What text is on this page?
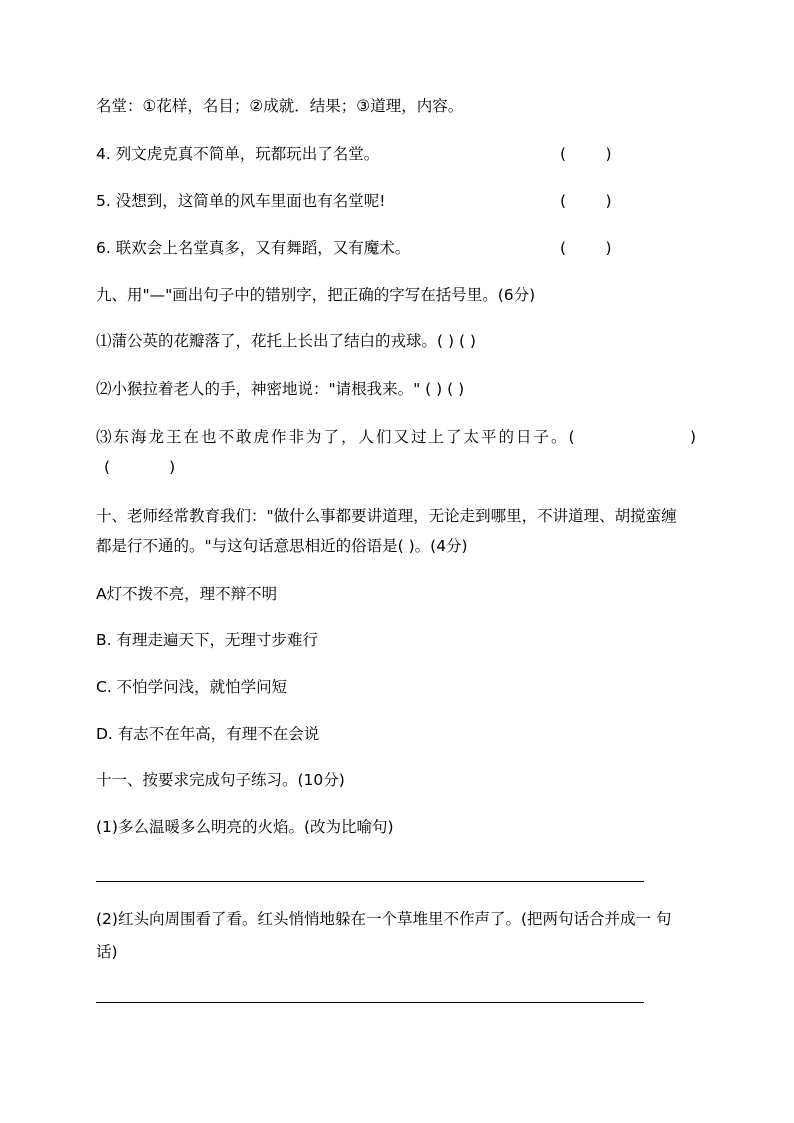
名堂：①花样，名目；②成就．结果；③道理，内容。
4. 列文虎克真不简单，玩都玩出了名堂。	(        )
5. 没想到，这简单的风车里面也有名堂呢!	(        )
6. 联欢会上名堂真多，又有舞蹈，又有魔术。	(        )
九、用"—"画出句子中的错别字，把正确的字写在括号里。(6分)
⑴蒲公英的花瓣落了，花托上长出了结白的戎球。( ) ( )
⑵小猴拉着老人的手，神密地说："请根我来。" ( ) ( )
⑶东海龙王在也不敢虎作非为了，人们又过上了太平的日子。(	)
(            )
十、老师经常教育我们："做什么事都要讲道理，无论走到哪里，不讲道理、胡搅蛮缠
都是行不通的。"与这句话意思相近的俗语是( )。(4分)
A灯不拨不亮，理不辩不明
B. 有理走遍天下，无理寸步难行
C. 不怕学问浅，就怕学问短
D. 有志不在年高，有理不在会说
十一、按要求完成句子练习。(10分)
(1)多么温暖多么明亮的火焰。(改为比喻句)
(2)红头向周围看了看。红头悄悄地躲在一个草堆里不作声了。(把两句话合并成一 句
话)
